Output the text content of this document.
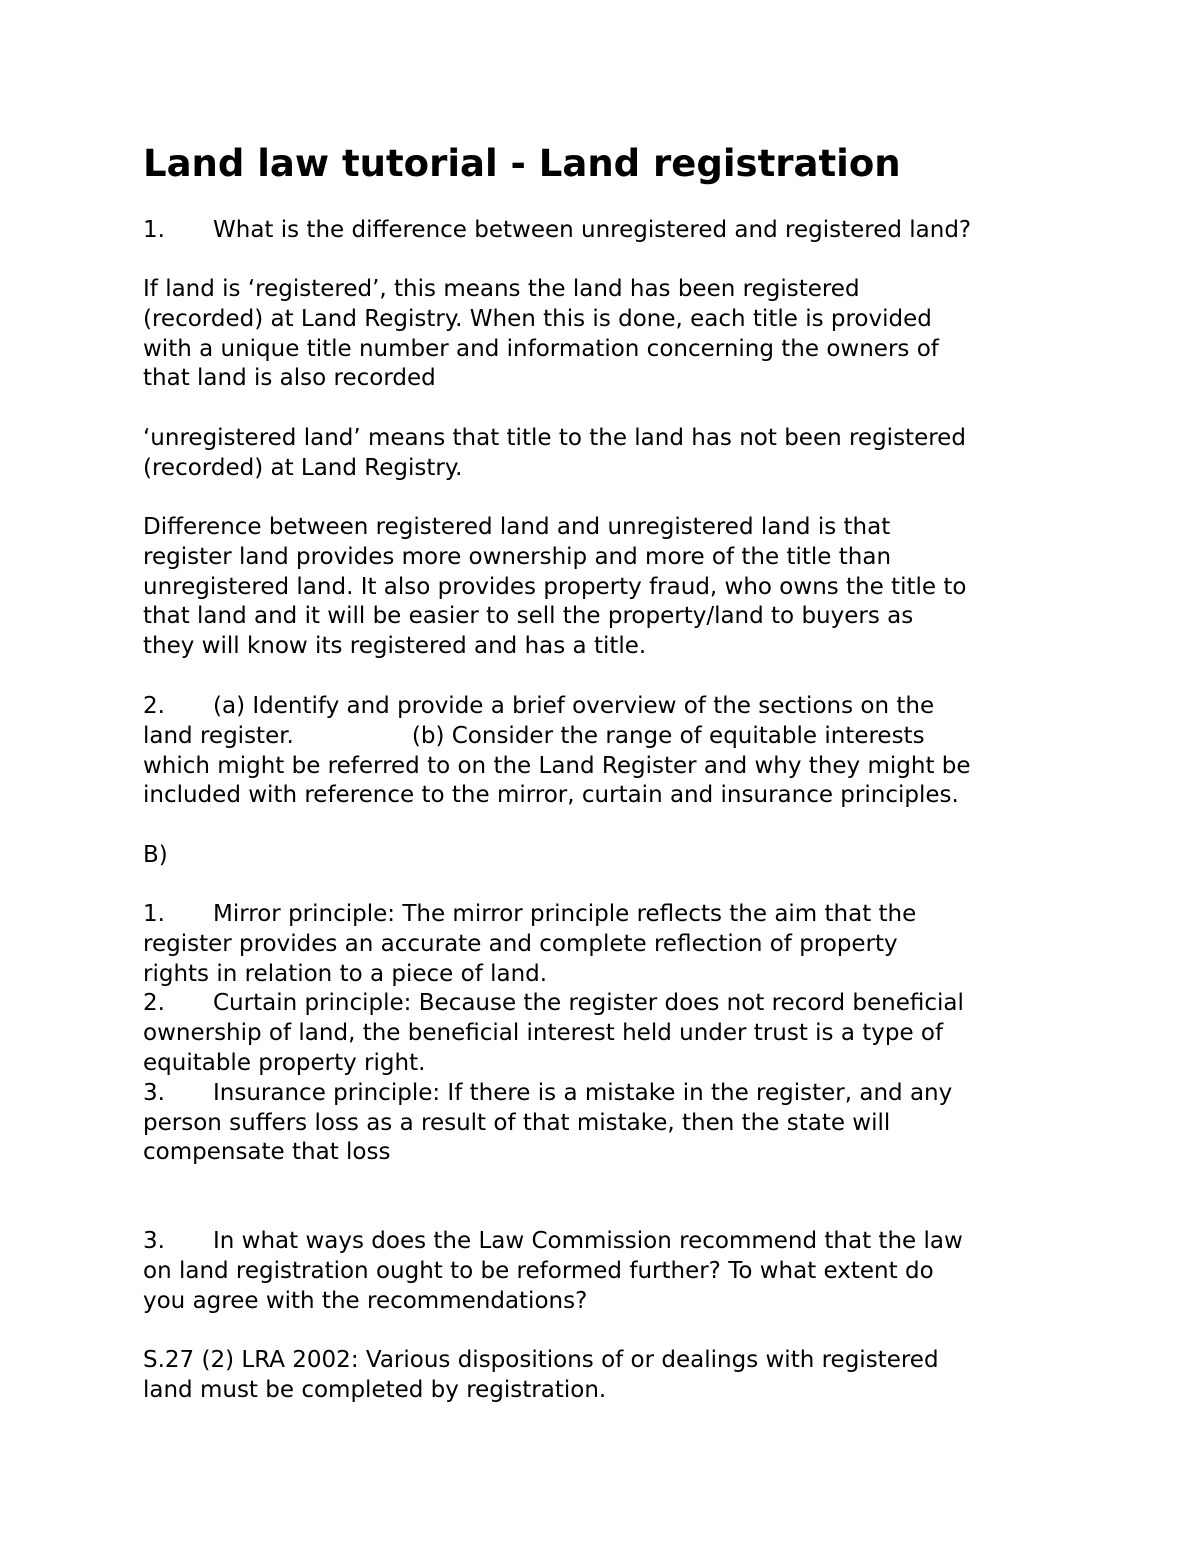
Land law tutorial - Land registration
1. What is the difference between unregistered and registered land?
If land is ‘registered’, this means the land has been registered
(recorded) at Land Registry. When this is done, each title is provided
with a unique title number and information concerning the owners of
that land is also recorded
‘unregistered land’ means that title to the land has not been registered
(recorded) at Land Registry.
Difference between registered land and unregistered land is that
register land provides more ownership and more of the title than
unregistered land. It also provides property fraud, who owns the title to
that land and it will be easier to sell the property/land to buyers as
they will know its registered and has a title.
2. (a) Identify and provide a brief overview of the sections on the
land register.	(b) Consider the range of equitable interests
which might be referred to on the Land Register and why they might be
included with reference to the mirror, curtain and insurance principles.
B)
1. Mirror principle: The mirror principle reflects the aim that the
register provides an accurate and complete reflection of property
rights in relation to a piece of land.
2. Curtain principle: Because the register does not record beneficial
ownership of land, the beneficial interest held under trust is a type of
equitable property right.
3. Insurance principle: If there is a mistake in the register, and any
person suffers loss as a result of that mistake, then the state will
compensate that loss
3. In what ways does the Law Commission recommend that the law
on land registration ought to be reformed further? To what extent do
you agree with the recommendations?
S.27 (2) LRA 2002: Various dispositions of or dealings with registered
land must be completed by registration.
